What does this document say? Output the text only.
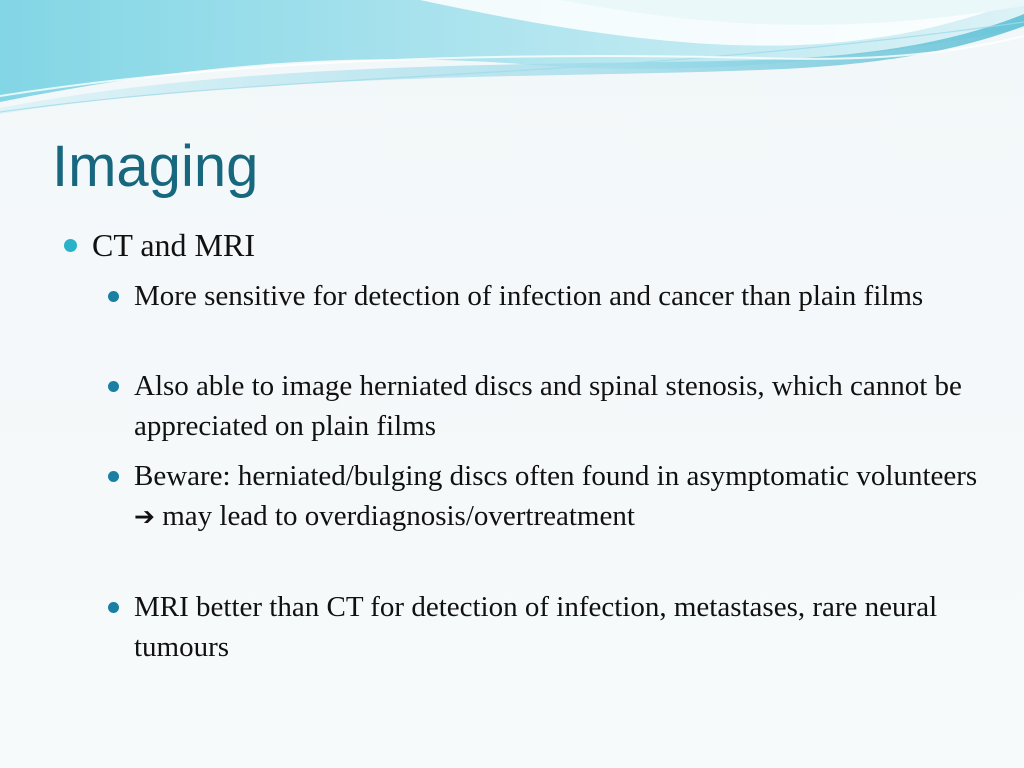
Imaging
CT and MRI
More sensitive for detection of infection and cancer than plain films
Also able to image herniated discs and spinal stenosis, which cannot be appreciated on plain films
Beware: herniated/bulging discs often found in asymptomatic volunteers ➔ may lead to overdiagnosis/overtreatment
MRI better than CT for detection of infection, metastases, rare neural tumours
